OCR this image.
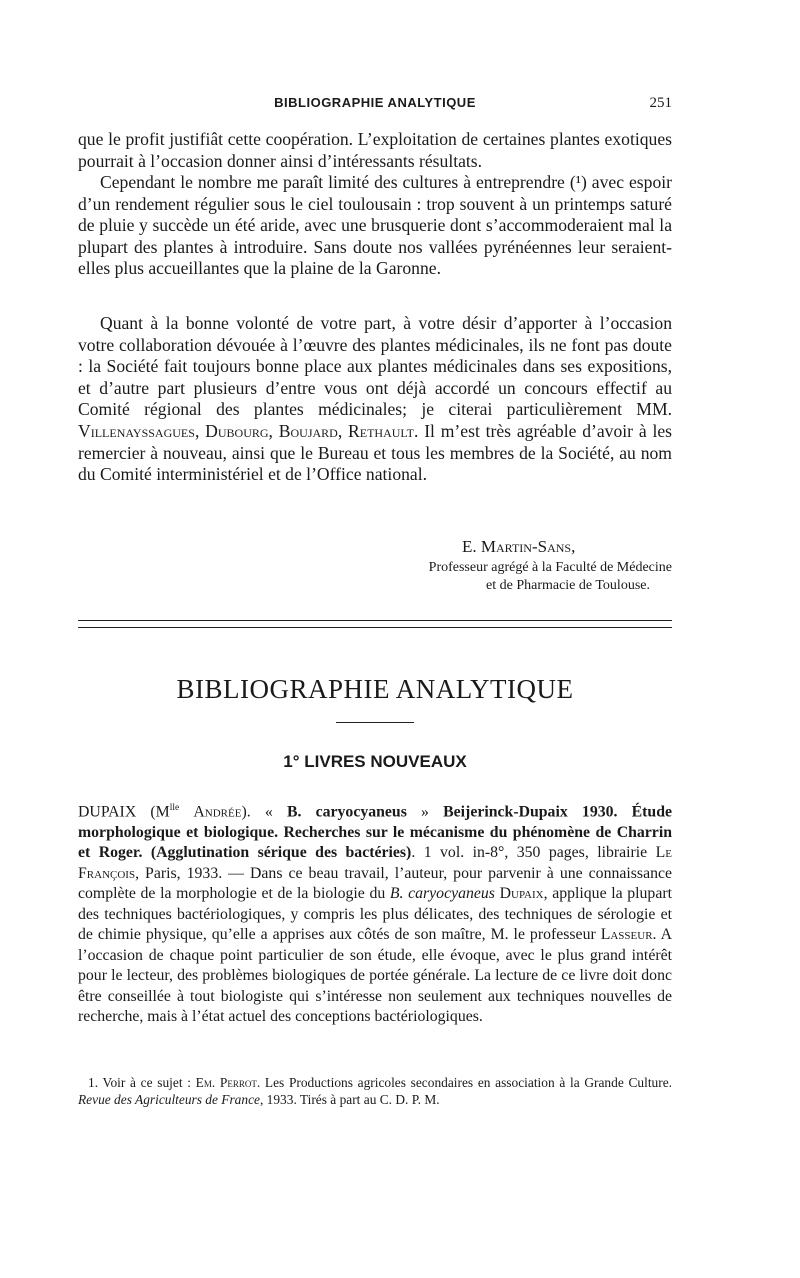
BIBLIOGRAPHIE ANALYTIQUE	251
que le profit justifiât cette coopération. L’exploitation de certaines plantes exotiques pourrait à l’occasion donner ainsi d’intéressants résultats.
Cependant le nombre me paraît limité des cultures à entreprendre (¹) avec espoir d’un rendement régulier sous le ciel toulousain : trop souvent à un printemps saturé de pluie y succède un été aride, avec une brusquerie dont s’accommoderaient mal la plupart des plantes à introduire. Sans doute nos vallées pyrénéennes leur seraient-elles plus accueillantes que la plaine de la Garonne.
Quant à la bonne volonté de votre part, à votre désir d’apporter à l’occasion votre collaboration dévouée à l’œuvre des plantes médicinales, ils ne font pas doute : la Société fait toujours bonne place aux plantes médicinales dans ses expositions, et d’autre part plusieurs d’entre vous ont déjà accordé un concours effectif au Comité régional des plantes médicinales; je citerai particulièrement MM. Villenayssagues, Dubourg, Boujard, Rethault. Il m’est très agréable d’avoir à les remercier à nouveau, ainsi que le Bureau et tous les membres de la Société, au nom du Comité interministériel et de l’Office national.
E. Martin-Sans,
Professeur agrégé à la Faculté de Médecine
et de Pharmacie de Toulouse.
BIBLIOGRAPHIE ANALYTIQUE
1° LIVRES NOUVEAUX
DUPAIX ($M^{lle}$ Andrée). « B. caryocyaneus » Beijerinck-Dupaix 1930. Étude morphologique et biologique. Recherches sur le mécanisme du phénomène de Charrin et Roger. (Agglutination sérique des bactéries). 1 vol. in-8°, 350 pages, librairie Le François, Paris, 1933. — Dans ce beau travail, l’auteur, pour parvenir à une connaissance complète de la morphologie et de la biologie du B. caryocyaneus Dupaix, applique la plupart des techniques bactériologiques, y compris les plus délicates, des techniques de sérologie et de chimie physique, qu’elle a apprises aux côtés de son maître, M. le professeur Lasseur. A l’occasion de chaque point particulier de son étude, elle évoque, avec le plus grand intérêt pour le lecteur, des problèmes biologiques de portée générale. La lecture de ce livre doit donc être conseillée à tout biologiste qui s’intéresse non seulement aux techniques nouvelles de recherche, mais à l’état actuel des conceptions bactériologiques.
1. Voir à ce sujet : Em. Perrot. Les Productions agricoles secondaires en association à la Grande Culture. Revue des Agriculteurs de France, 1933. Tirés à part au C. D. P. M.
